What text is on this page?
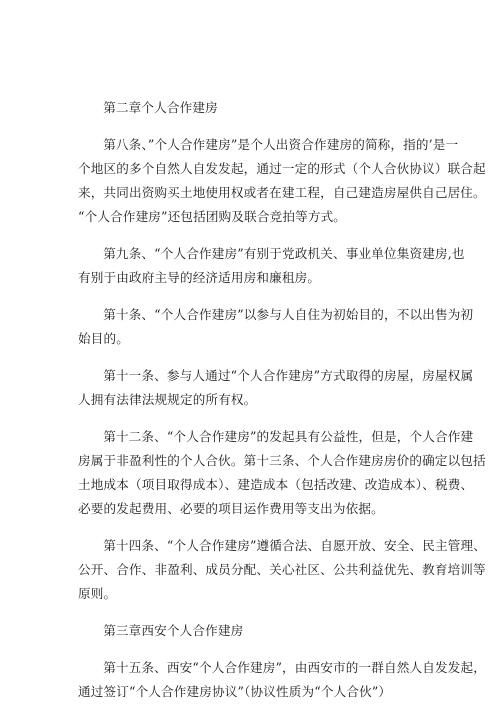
第二章个人合作建房
第八条、”个人合作建房”是个人出资合作建房的简称，指的’是一
个地区的多个自然人自发发起，通过一定的形式（个人合伙协议）联合起
来，共同出资购买土地使用权或者在建工程，自己建造房屋供自己居住。
“个人合作建房”还包括团购及联合竞拍等方式。
第九条、“个人合作建房”有别于党政机关、事业单位集资建房,也
有别于由政府主导的经济适用房和廉租房。
第十条、“个人合作建房”以参与人自住为初始目的，不以出售为初
始目的。
第十一条、参与人通过“个人合作建房”方式取得的房屋，房屋权属
人拥有法律法规规定的所有权。
第十二条、“个人合作建房”的发起具有公益性，但是，个人合作建
房属于非盈利性的个人合伙。第十三条、个人合作建房房价的确定以包括
土地成本（项目取得成本）、建造成本（包括改建、改造成本）、税费、
必要的发起费用、必要的项目运作费用等支出为依据。
第十四条、“个人合作建房”遵循合法、自愿开放、安全、民主管理、
公开、合作、非盈利、成员分配、关心社区、公共利益优先、教育培训等
原则。
第三章西安个人合作建房
第十五条、西安“个人合作建房”，由西安市的一群自然人自发发起，
通过签订“个人合作建房协议”（协议性质为“个人合伙”）
